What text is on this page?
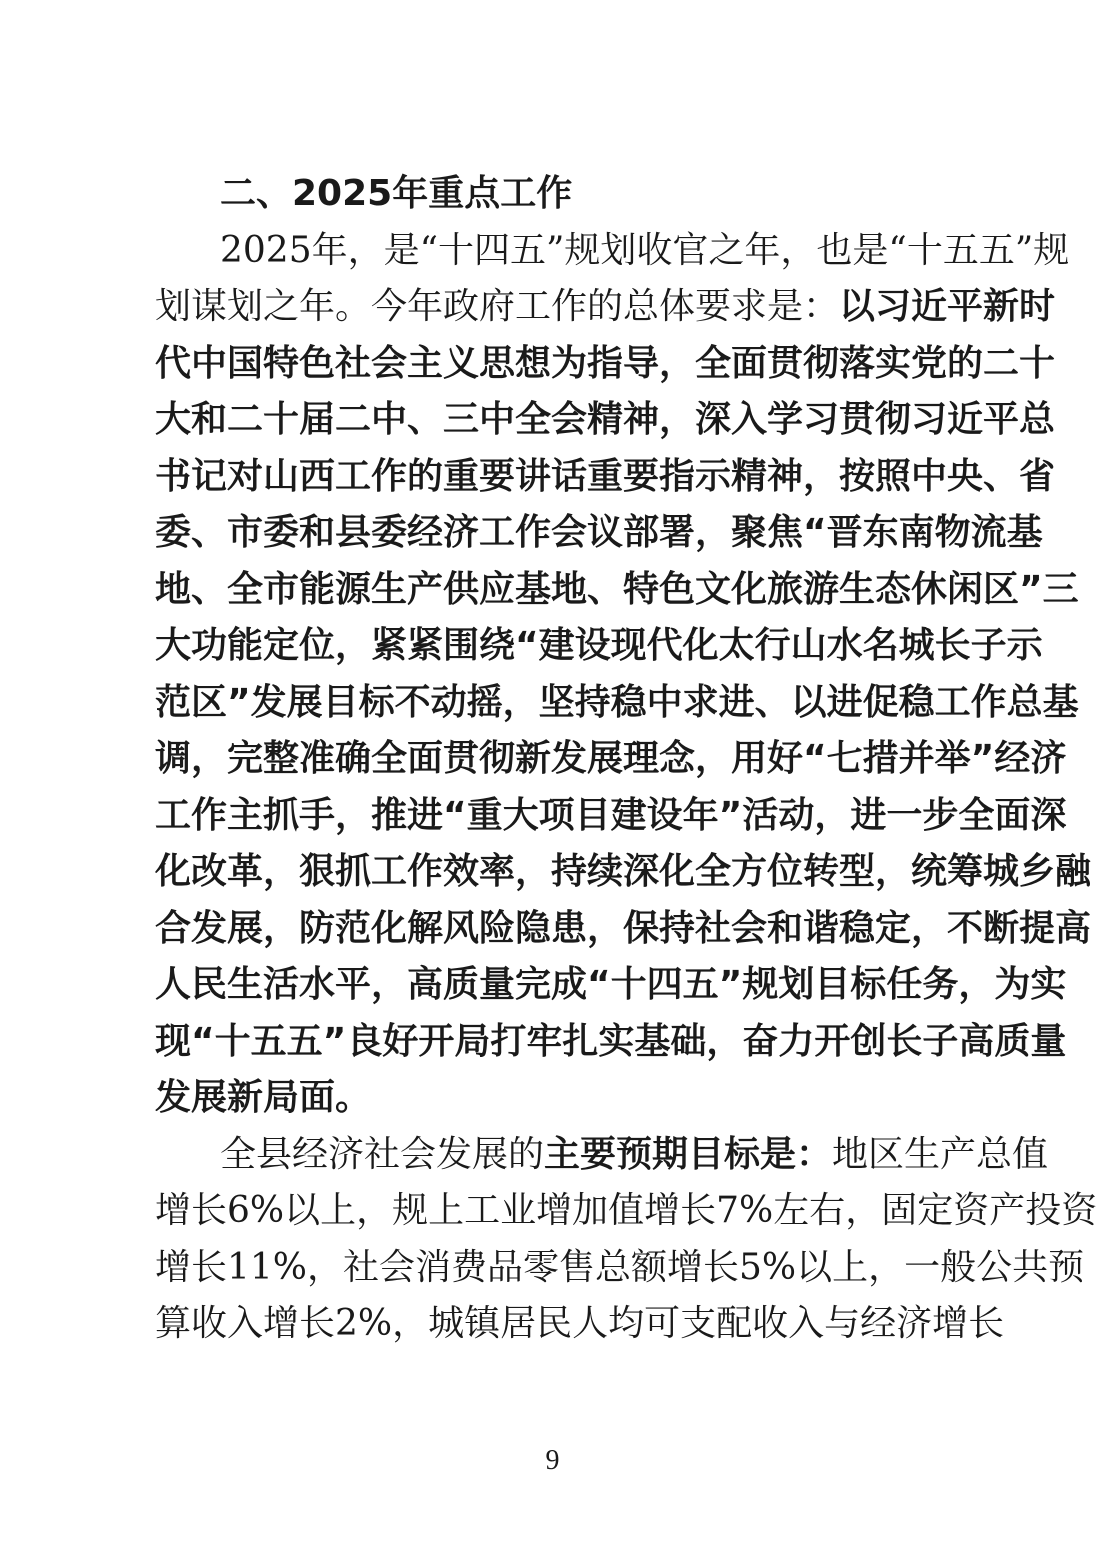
二、2025年重点工作
2025年，是“十四五”规划收官之年，也是“十五五”规
划谋划之年。今年政府工作的总体要求是：以习近平新时
代中国特色社会主义思想为指导，全面贯彻落实党的二十
大和二十届二中、三中全会精神，深入学习贯彻习近平总
书记对山西工作的重要讲话重要指示精神，按照中央、省
委、市委和县委经济工作会议部署，聚焦“晋东南物流基
地、全市能源生产供应基地、特色文化旅游生态休闲区”三
大功能定位，紧紧围绕“建设现代化太行山水名城长子示
范区”发展目标不动摇，坚持稳中求进、以进促稳工作总基
调，完整准确全面贯彻新发展理念，用好“七措并举”经济
工作主抓手，推进“重大项目建设年”活动，进一步全面深
化改革，狠抓工作效率，持续深化全方位转型，统筹城乡融
合发展，防范化解风险隐患，保持社会和谐稳定，不断提高
人民生活水平，高质量完成“十四五”规划目标任务，为实
现“十五五”良好开局打牢扎实基础，奋力开创长子高质量
发展新局面。
全县经济社会发展的主要预期目标是：地区生产总值
增长6%以上，规上工业增加值增长7%左右，固定资产投资
增长11%，社会消费品零售总额增长5%以上，一般公共预
算收入增长2%，城镇居民人均可支配收入与经济增长
9
